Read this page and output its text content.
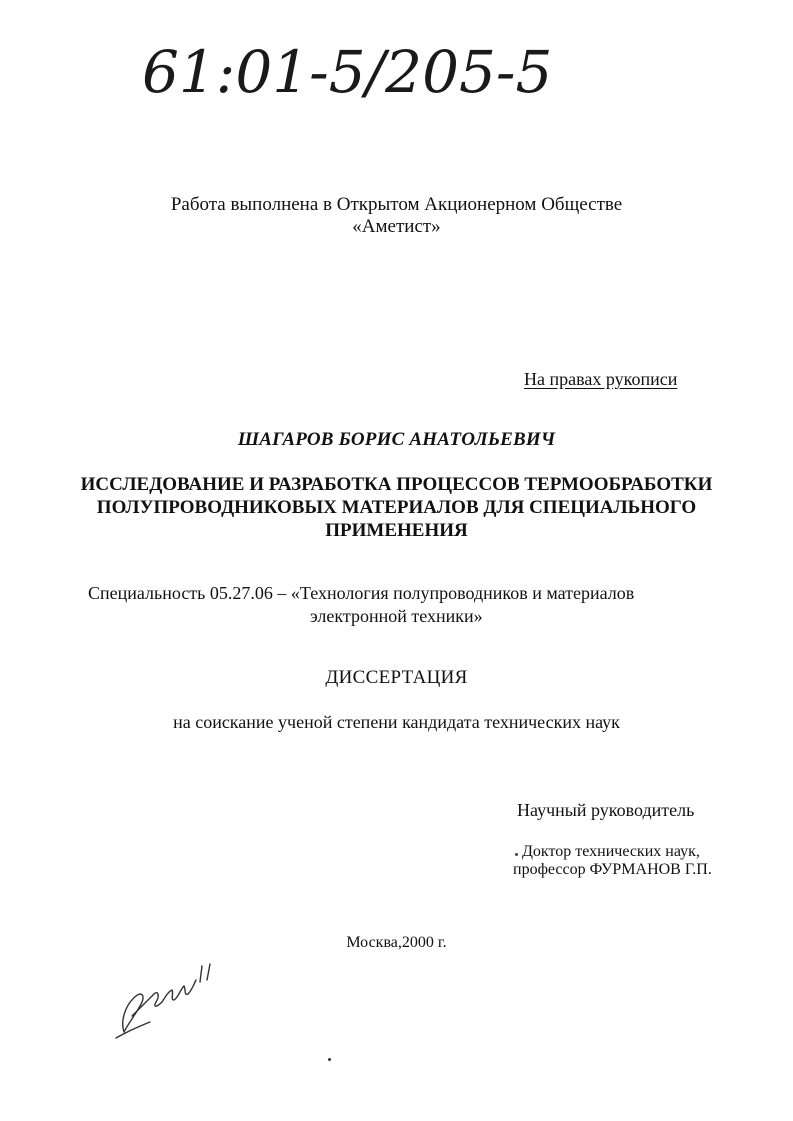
61:01-5/205-5
Работа выполнена в Открытом Акционерном Обществе
«Аметист»
На правах рукописи
ШАГАРОВ БОРИС АНАТОЛЬЕВИЧ
ИССЛЕДОВАНИЕ И РАЗРАБОТКА ПРОЦЕССОВ ТЕРМООБРАБОТКИ
ПОЛУПРОВОДНИКОВЫХ МАТЕРИАЛОВ ДЛЯ СПЕЦИАЛЬНОГО
ПРИМЕНЕНИЯ
Специальность 05.27.06 – «Технология полупроводников и материалов
электронной техники»
ДИССЕРТАЦИЯ
на соискание ученой степени кандидата технических наук
Научный руководитель
Доктор технических наук,
профессор ФУРМАНОВ Г.П.
Москва,2000 г.
